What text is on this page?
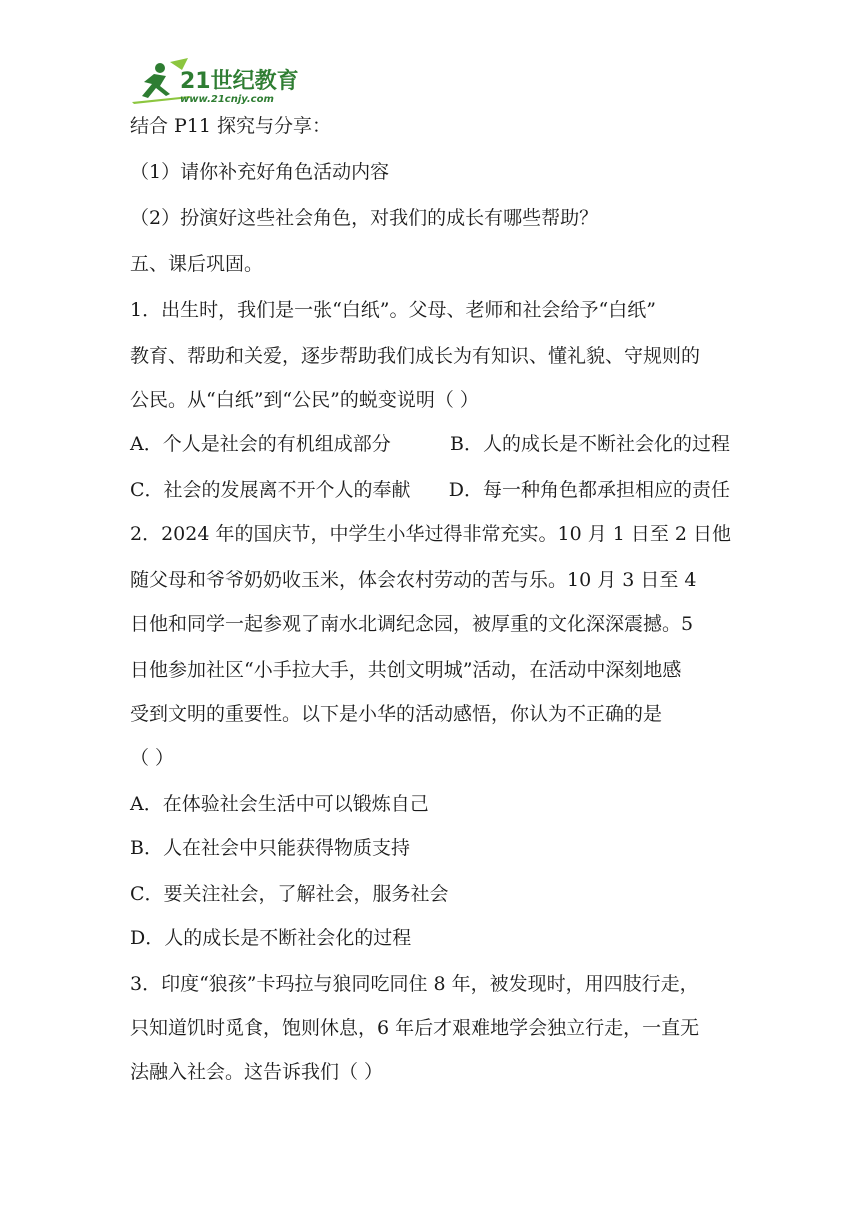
21世纪教育
www.21cnjy.com
结合 P11 探究与分享：
（1）请你补充好角色活动内容
（2）扮演好这些社会角色，对我们的成长有哪些帮助？
五、课后巩固。
1．出生时，我们是一张“白纸”。父母、老师和社会给予“白纸”
教育、帮助和关爱，逐步帮助我们成长为有知识、懂礼貌、守规则的
公民。从“白纸”到“公民”的蜕变说明（ ）
A．个人是社会的有机组成部分	B．人的成长是不断社会化的过程
C．社会的发展离不开个人的奉献 D．每一种角色都承担相应的责任
2．2024 年的国庆节，中学生小华过得非常充实。10 月 1 日至 2 日他
随父母和爷爷奶奶收玉米，体会农村劳动的苦与乐。10 月 3 日至 4
日他和同学一起参观了南水北调纪念园，被厚重的文化深深震撼。5
日他参加社区“小手拉大手，共创文明城”活动，在活动中深刻地感
受到文明的重要性。以下是小华的活动感悟，你认为不正确的是
（ ）
A．在体验社会生活中可以锻炼自己
B．人在社会中只能获得物质支持
C．要关注社会，了解社会，服务社会
D．人的成长是不断社会化的过程
3．印度“狼孩”卡玛拉与狼同吃同住 8 年，被发现时，用四肢行走，
只知道饥时觅食，饱则休息，6 年后才艰难地学会独立行走，一直无
法融入社会。这告诉我们（ ）
